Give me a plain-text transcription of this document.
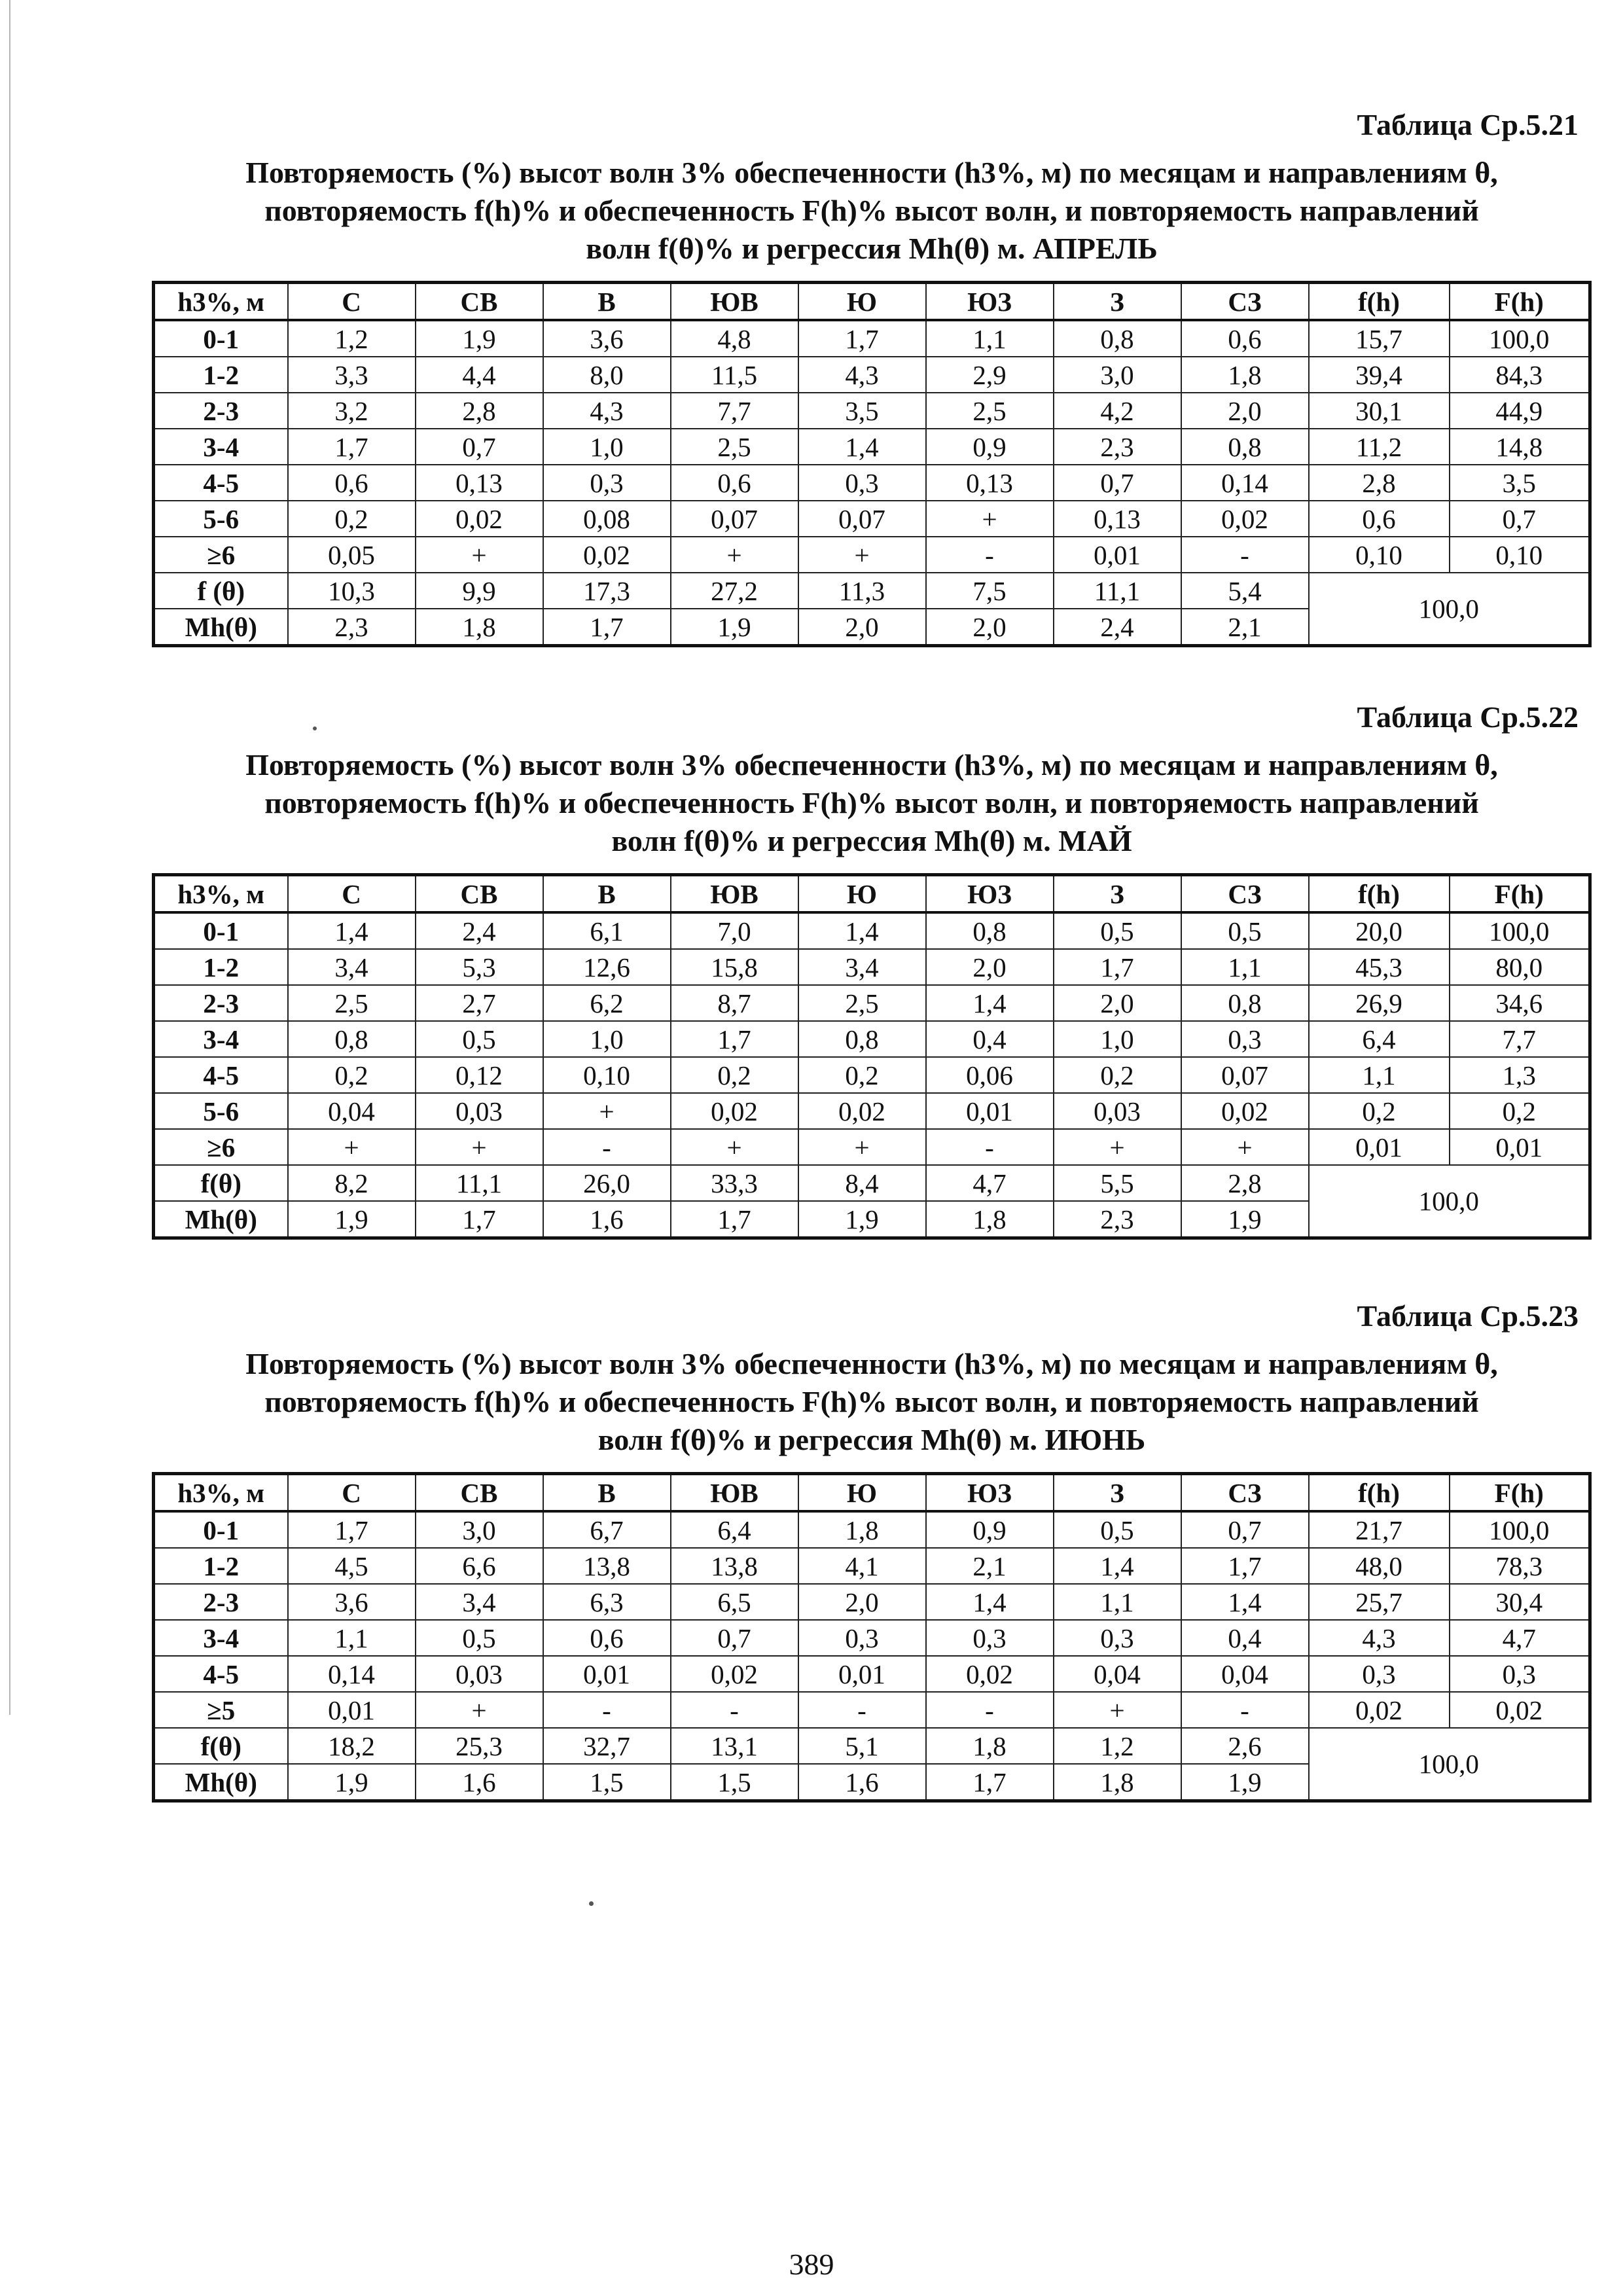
Таблица Ср.5.21
Повторяемость (%) высот волн 3% обеспеченности (h3%, м) по месяцам и направлениям θ,
повторяемость f(h)% и обеспеченность F(h)% высот волн, и повторяемость направлений
волн f(θ)% и регрессия Mh(θ) м. АПРЕЛЬ
h3%, м	С	СВ	В	ЮВ	Ю	ЮЗ	З	СЗ	f(h)	F(h)
0-1	1,2	1,9	3,6	4,8	1,7	1,1	0,8	0,6	15,7	100,0
1-2	3,3	4,4	8,0	11,5	4,3	2,9	3,0	1,8	39,4	84,3
2-3	3,2	2,8	4,3	7,7	3,5	2,5	4,2	2,0	30,1	44,9
3-4	1,7	0,7	1,0	2,5	1,4	0,9	2,3	0,8	11,2	14,8
4-5	0,6	0,13	0,3	0,6	0,3	0,13	0,7	0,14	2,8	3,5
5-6	0,2	0,02	0,08	0,07	0,07	+	0,13	0,02	0,6	0,7
≥6	0,05	+	0,02	+	+	-	0,01	-	0,10	0,10
f (θ)	10,3	9,9	17,3	27,2	11,3	7,5	11,1	5,4	100,0	
Mh(θ)	2,3	1,8	1,7	1,9	2,0	2,0	2,4	2,1		
Таблица Ср.5.22
Повторяемость (%) высот волн 3% обеспеченности (h3%, м) по месяцам и направлениям θ,
повторяемость f(h)% и обеспеченность F(h)% высот волн, и повторяемость направлений
волн f(θ)% и регрессия Mh(θ) м. МАЙ
h3%, м	С	СВ	В	ЮВ	Ю	ЮЗ	З	СЗ	f(h)	F(h)
0-1	1,4	2,4	6,1	7,0	1,4	0,8	0,5	0,5	20,0	100,0
1-2	3,4	5,3	12,6	15,8	3,4	2,0	1,7	1,1	45,3	80,0
2-3	2,5	2,7	6,2	8,7	2,5	1,4	2,0	0,8	26,9	34,6
3-4	0,8	0,5	1,0	1,7	0,8	0,4	1,0	0,3	6,4	7,7
4-5	0,2	0,12	0,10	0,2	0,2	0,06	0,2	0,07	1,1	1,3
5-6	0,04	0,03	+	0,02	0,02	0,01	0,03	0,02	0,2	0,2
≥6	+	+	-	+	+	-	+	+	0,01	0,01
f(θ)	8,2	11,1	26,0	33,3	8,4	4,7	5,5	2,8	100,0	
Mh(θ)	1,9	1,7	1,6	1,7	1,9	1,8	2,3	1,9		
Таблица Ср.5.23
Повторяемость (%) высот волн 3% обеспеченности (h3%, м) по месяцам и направлениям θ,
повторяемость f(h)% и обеспеченность F(h)% высот волн, и повторяемость направлений
волн f(θ)% и регрессия Mh(θ) м. ИЮНЬ
h3%, м	С	СВ	В	ЮВ	Ю	ЮЗ	З	СЗ	f(h)	F(h)
0-1	1,7	3,0	6,7	6,4	1,8	0,9	0,5	0,7	21,7	100,0
1-2	4,5	6,6	13,8	13,8	4,1	2,1	1,4	1,7	48,0	78,3
2-3	3,6	3,4	6,3	6,5	2,0	1,4	1,1	1,4	25,7	30,4
3-4	1,1	0,5	0,6	0,7	0,3	0,3	0,3	0,4	4,3	4,7
4-5	0,14	0,03	0,01	0,02	0,01	0,02	0,04	0,04	0,3	0,3
≥5	0,01	+	-	-	-	-	+	-	0,02	0,02
f(θ)	18,2	25,3	32,7	13,1	5,1	1,8	1,2	2,6	100,0	
Mh(θ)	1,9	1,6	1,5	1,5	1,6	1,7	1,8	1,9		
389
